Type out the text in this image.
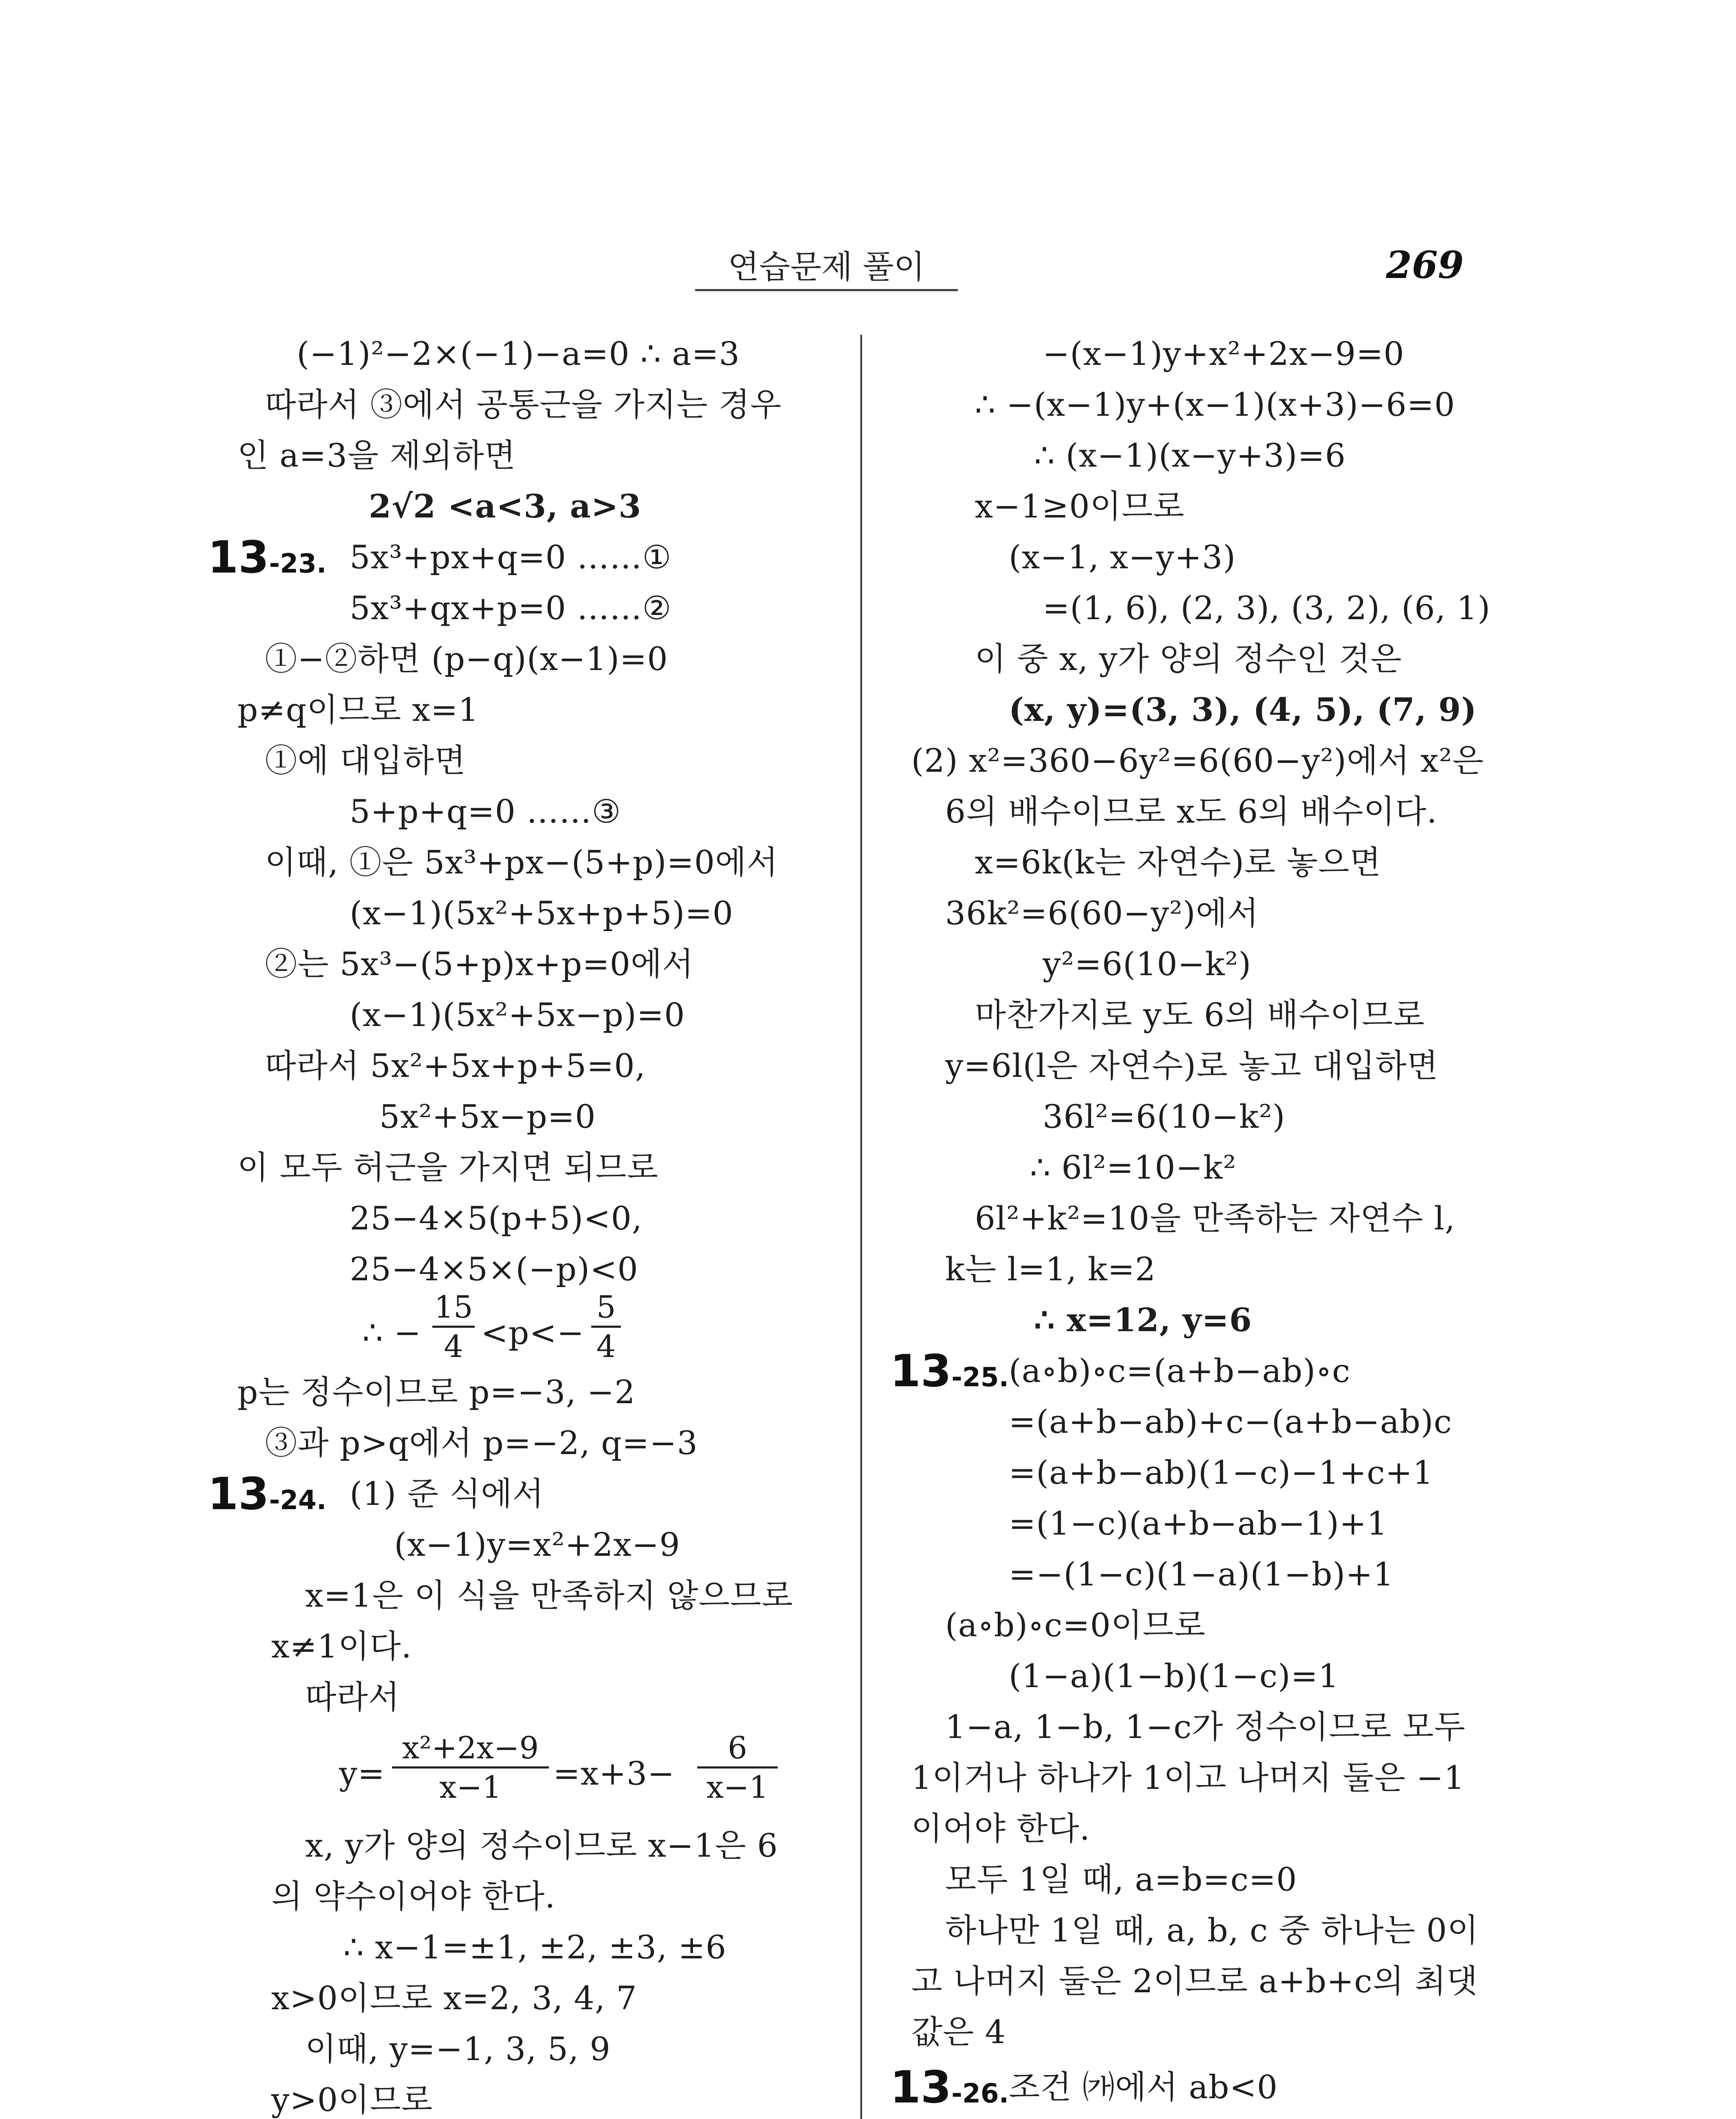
연습문제 풀이	269
(−1)²−2×(−1)−a=0 ∴ a=3
따라서 ③에서 공통근을 가지는 경우
인 a=3을 제외하면
2√2 <a<3, a>3
13-23. 5x³+px+q=0 ……①
5x³+qx+p=0 ……②
①−②하면 (p−q)(x−1)=0
p≠q이므로 x=1
①에 대입하면
5+p+q=0 ……③
이때, ①은 5x³+px−(5+p)=0에서
(x−1)(5x²+5x+p+5)=0
②는 5x³−(5+p)x+p=0에서
(x−1)(5x²+5x−p)=0
따라서 5x²+5x+p+5=0,
5x²+5x−p=0
이 모두 허근을 가지면 되므로
25−4×5(p+5)<0,
25−4×5×(−p)<0
∴ −
15
4 <p<−
5
4
p는 정수이므로 p=−3, −2
③과 p>q에서 p=−2, q=−3
13-24. (1) 준 식에서
(x−1)y=x²+2x−9
x=1은 이 식을 만족하지 않으므로
x≠1이다.
따라서
y=
x²+2x−9
x−1	=x+3−
6
x−1
x, y가 양의 정수이므로 x−1은 6
의 약수이어야 한다.
∴ x−1=±1, ±2, ±3, ±6
x>0이므로 x=2, 3, 4, 7
이때, y=−1, 3, 5, 9
y>0이므로
−(x−1)y+x²+2x−9=0
∴ −(x−1)y+(x−1)(x+3)−6=0
∴ (x−1)(x−y+3)=6
x−1≥0이므로
(x−1, x−y+3)
=(1, 6), (2, 3), (3, 2), (6, 1)
이 중 x, y가 양의 정수인 것은
(x, y)=(3, 3), (4, 5), (7, 9)
(2) x²=360−6y²=6(60−y²)에서 x²은
6의 배수이므로 x도 6의 배수이다.
x=6k(k는 자연수)로 놓으면
36k²=6(60−y²)에서
y²=6(10−k²)
마찬가지로 y도 6의 배수이므로
y=6l(l은 자연수)로 놓고 대입하면
36l²=6(10−k²)
∴ 6l²=10−k²
6l²+k²=10을 만족하는 자연수 l,
k는 l=1, k=2
∴ x=12, y=6
13-25. (a∘b)∘c=(a+b−ab)∘c
=(a+b−ab)+c−(a+b−ab)c
=(a+b−ab)(1−c)−1+c+1
=(1−c)(a+b−ab−1)+1
=−(1−c)(1−a)(1−b)+1
(a∘b)∘c=0이므로
(1−a)(1−b)(1−c)=1
1−a, 1−b, 1−c가 정수이므로 모두
1이거나 하나가 1이고 나머지 둘은 −1
이어야 한다.
모두 1일 때, a=b=c=0
하나만 1일 때, a, b, c 중 하나는 0이
고 나머지 둘은 2이므로 a+b+c의 최댓
값은 4
13-26. 조건 ㈎에서 ab<0
